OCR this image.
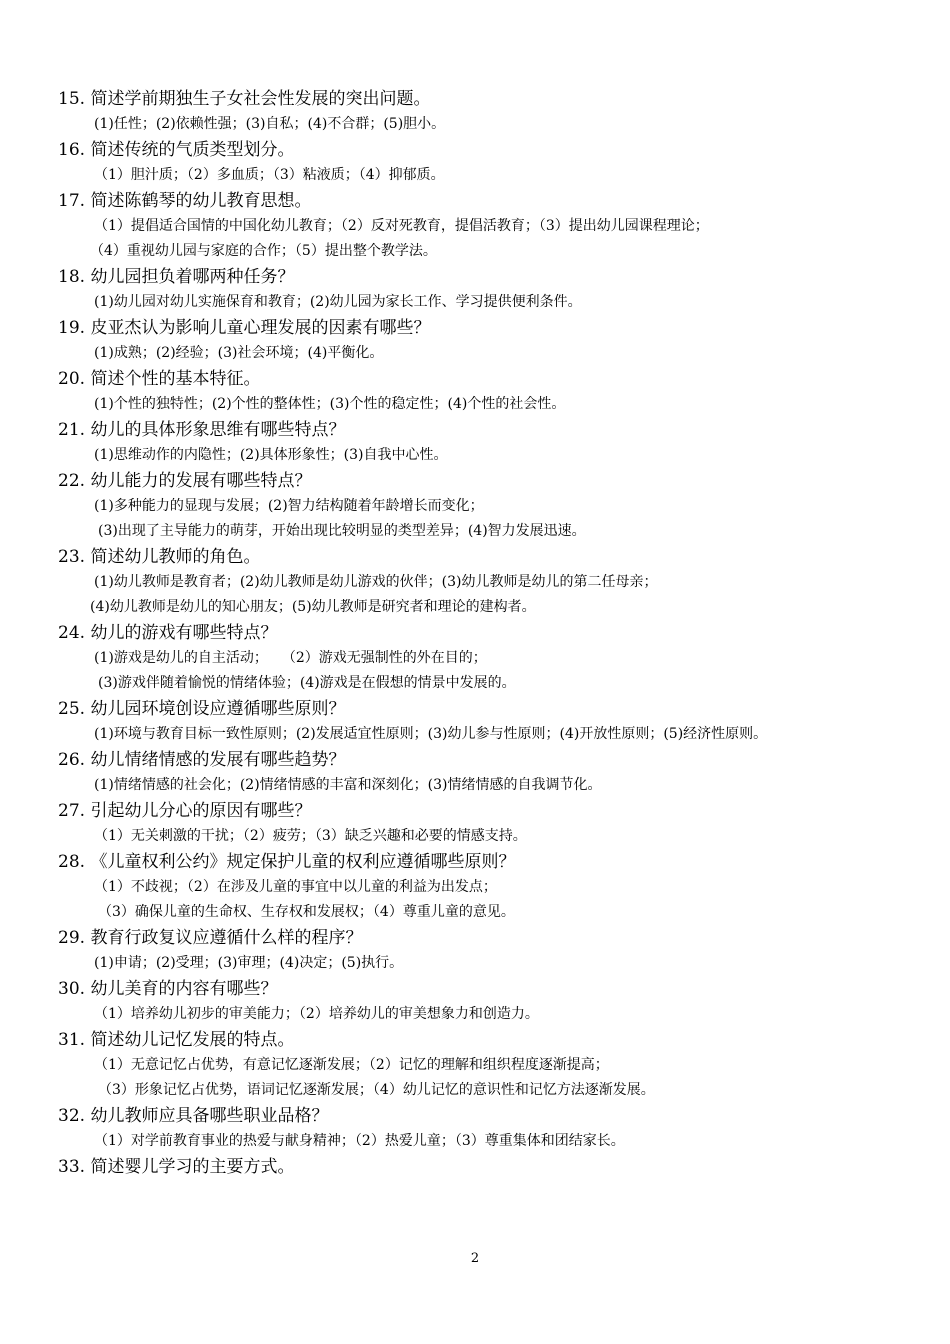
15. 简述学前期独生子女社会性发展的突出问题。
(1)任性；(2)依赖性强；(3)自私；(4)不合群；(5)胆小。
16. 简述传统的气质类型划分。
（1）胆汁质；（2）多血质；（3）粘液质；（4）抑郁质。
17. 简述陈鹤琴的幼儿教育思想。
（1）提倡适合国情的中国化幼儿教育；（2）反对死教育，提倡活教育；（3）提出幼儿园课程理论；
（4）重视幼儿园与家庭的合作；（5）提出整个教学法。
18. 幼儿园担负着哪两种任务？
(1)幼儿园对幼儿实施保育和教育；(2)幼儿园为家长工作、学习提供便利条件。
19. 皮亚杰认为影响儿童心理发展的因素有哪些？
(1)成熟；(2)经验；(3)社会环境；(4)平衡化。
20. 简述个性的基本特征。
(1)个性的独特性；(2)个性的整体性；(3)个性的稳定性；(4)个性的社会性。
21. 幼儿的具体形象思维有哪些特点？
(1)思维动作的内隐性；(2)具体形象性；(3)自我中心性。
22. 幼儿能力的发展有哪些特点？
(1)多种能力的显现与发展；(2)智力结构随着年龄增长而变化；
(3)出现了主导能力的萌芽，开始出现比较明显的类型差异；(4)智力发展迅速。
23. 简述幼儿教师的角色。
(1)幼儿教师是教育者；(2)幼儿教师是幼儿游戏的伙伴；(3)幼儿教师是幼儿的第二任母亲；
(4)幼儿教师是幼儿的知心朋友；(5)幼儿教师是研究者和理论的建构者。
24. 幼儿的游戏有哪些特点？
(1)游戏是幼儿的自主活动；　　（2）游戏无强制性的外在目的；
(3)游戏伴随着愉悦的情绪体验；(4)游戏是在假想的情景中发展的。
25. 幼儿园环境创设应遵循哪些原则？
(1)环境与教育目标一致性原则；(2)发展适宜性原则；(3)幼儿参与性原则；(4)开放性原则；(5)经济性原则。
26. 幼儿情绪情感的发展有哪些趋势？
(1)情绪情感的社会化；(2)情绪情感的丰富和深刻化；(3)情绪情感的自我调节化。
27. 引起幼儿分心的原因有哪些？
（1）无关刺激的干扰；（2）疲劳；（3）缺乏兴趣和必要的情感支持。
28. 《儿童权利公约》规定保护儿童的权利应遵循哪些原则？
（1）不歧视；（2）在涉及儿童的事宜中以儿童的利益为出发点；
（3）确保儿童的生命权、生存权和发展权；（4）尊重儿童的意见。
29. 教育行政复议应遵循什么样的程序？
(1)申请；(2)受理；(3)审理；(4)决定；(5)执行。
30. 幼儿美育的内容有哪些？
（1）培养幼儿初步的审美能力；（2）培养幼儿的审美想象力和创造力。
31. 简述幼儿记忆发展的特点。
（1）无意记忆占优势，有意记忆逐渐发展；（2）记忆的理解和组织程度逐渐提高；
（3）形象记忆占优势，语词记忆逐渐发展；（4）幼儿记忆的意识性和记忆方法逐渐发展。
32. 幼儿教师应具备哪些职业品格？
（1）对学前教育事业的热爱与献身精神；（2）热爱儿童；（3）尊重集体和团结家长。
33. 简述婴儿学习的主要方式。
2
